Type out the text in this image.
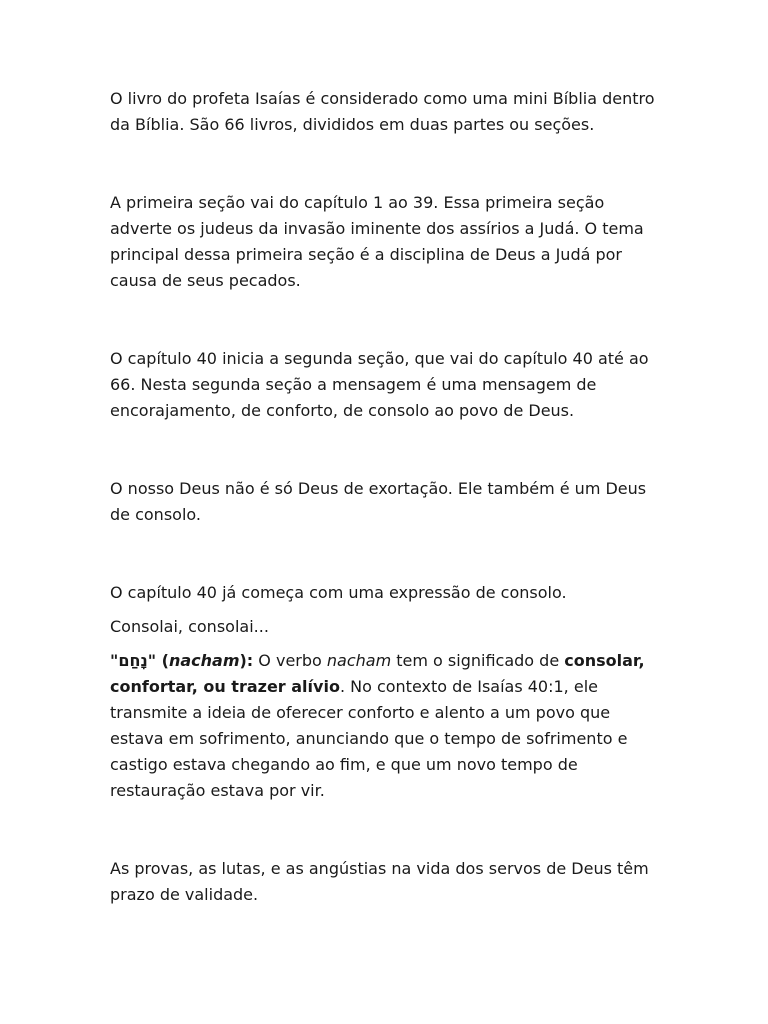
O livro do profeta Isaías é considerado como uma mini Bíblia dentro da Bíblia. São 66 livros, divididos em duas partes ou seções.

A primeira seção vai do capítulo 1 ao 39. Essa primeira seção adverte os judeus da invasão iminente dos assírios a Judá. O tema principal dessa primeira seção é a disciplina de Deus a Judá por causa de seus pecados.

O capítulo 40 inicia a segunda seção, que vai do capítulo 40 até ao 66. Nesta segunda seção a mensagem é uma mensagem de encorajamento, de conforto, de consolo ao povo de Deus.

O nosso Deus não é só Deus de exortação. Ele também é um Deus de consolo.

O capítulo 40 já começa com uma expressão de consolo.

Consolai, consolai...

"נָחַם" (nacham): O verbo nacham tem o significado de consolar, confortar, ou trazer alívio. No contexto de Isaías 40:1, ele transmite a ideia de oferecer conforto e alento a um povo que estava em sofrimento, anunciando que o tempo de sofrimento e castigo estava chegando ao fim, e que um novo tempo de restauração estava por vir.

As provas, as lutas, e as angústias na vida dos servos de Deus têm prazo de validade.
